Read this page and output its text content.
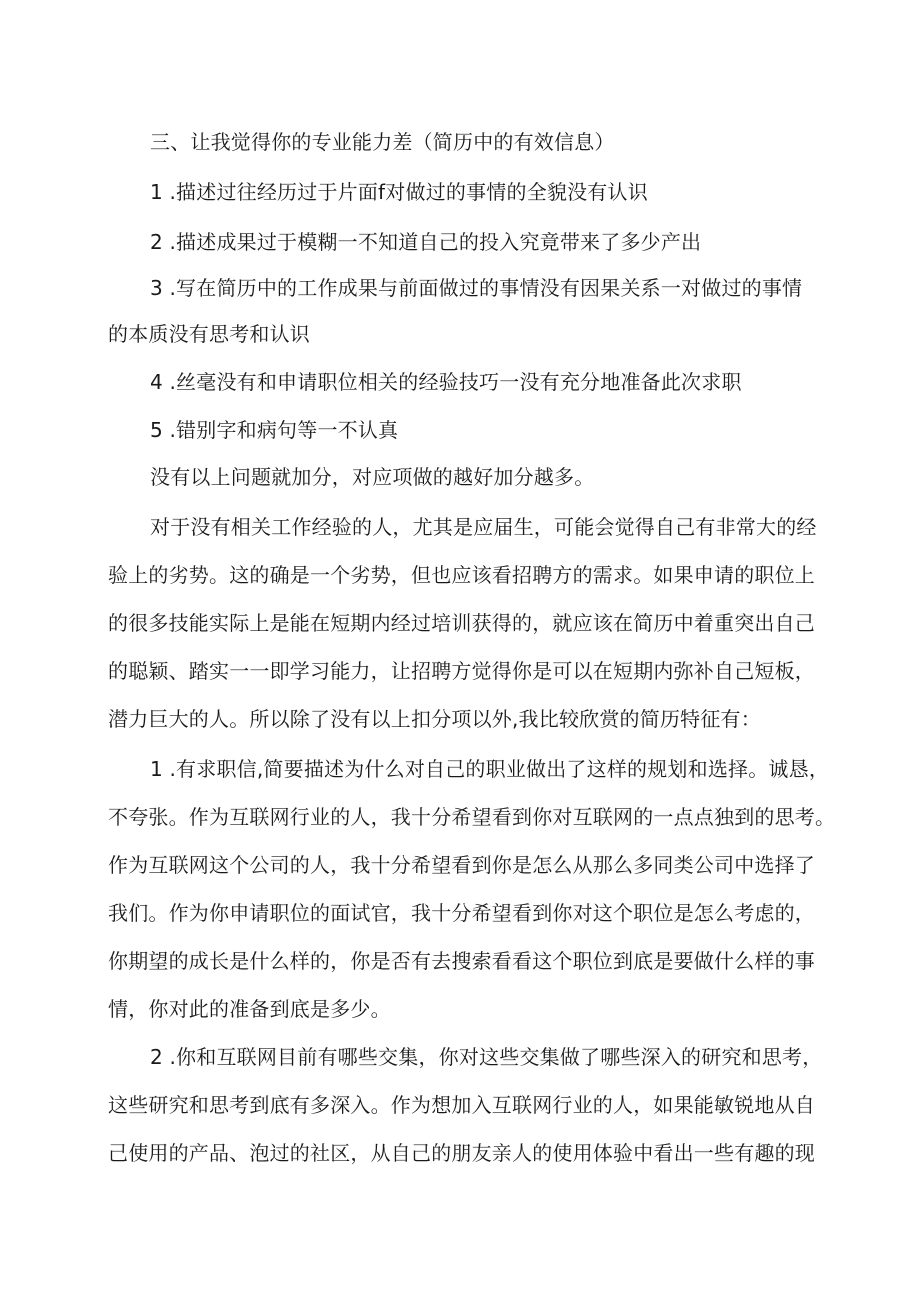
三、让我觉得你的专业能力差（简历中的有效信息）
1 .描述过往经历过于片面f对做过的事情的全貌没有认识
2 .描述成果过于模糊一不知道自己的投入究竟带来了多少产出
3 .写在简历中的工作成果与前面做过的事情没有因果关系一对做过的事情
的本质没有思考和认识
4 .丝毫没有和申请职位相关的经验技巧一没有充分地准备此次求职
5 .错别字和病句等一不认真
没有以上问题就加分，对应项做的越好加分越多。
对于没有相关工作经验的人，尤其是应届生，可能会觉得自己有非常大的经
验上的劣势。这的确是一个劣势，但也应该看招聘方的需求。如果申请的职位上
的很多技能实际上是能在短期内经过培训获得的，就应该在简历中着重突出自己
的聪颖、踏实一一即学习能力，让招聘方觉得你是可以在短期内弥补自己短板，
潜力巨大的人。所以除了没有以上扣分项以外,我比较欣赏的简历特征有：
1 .有求职信,简要描述为什么对自己的职业做出了这样的规划和选择。诚恳，
不夸张。作为互联网行业的人，我十分希望看到你对互联网的一点点独到的思考。
作为互联网这个公司的人，我十分希望看到你是怎么从那么多同类公司中选择了
我们。作为你申请职位的面试官，我十分希望看到你对这个职位是怎么考虑的，
你期望的成长是什么样的，你是否有去搜索看看这个职位到底是要做什么样的事
情，你对此的准备到底是多少。
2 .你和互联网目前有哪些交集，你对这些交集做了哪些深入的研究和思考，
这些研究和思考到底有多深入。作为想加入互联网行业的人，如果能敏锐地从自
己使用的产品、泡过的社区，从自己的朋友亲人的使用体验中看出一些有趣的现
